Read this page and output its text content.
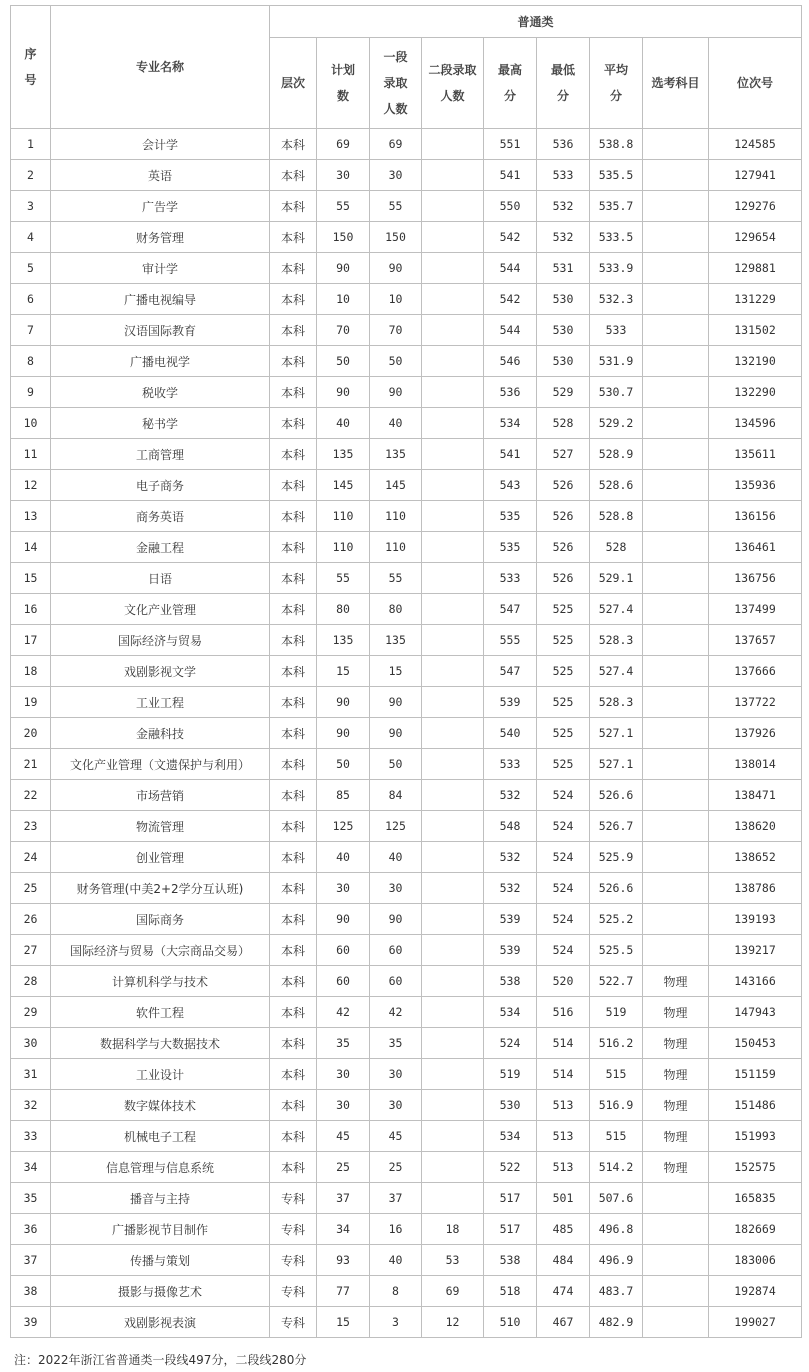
序号	专业名称	普通类								
		层次	计划数	一段录取人数	二段录取人数	最高分	最低分	平均分	选考科目	位次号
1	会计学	本科	69	69		551	536	538.8		124585
2	英语	本科	30	30		541	533	535.5		127941
3	广告学	本科	55	55		550	532	535.7		129276
4	财务管理	本科	150	150		542	532	533.5		129654
5	审计学	本科	90	90		544	531	533.9		129881
6	广播电视编导	本科	10	10		542	530	532.3		131229
7	汉语国际教育	本科	70	70		544	530	533		131502
8	广播电视学	本科	50	50		546	530	531.9		132190
9	税收学	本科	90	90		536	529	530.7		132290
10	秘书学	本科	40	40		534	528	529.2		134596
11	工商管理	本科	135	135		541	527	528.9		135611
12	电子商务	本科	145	145		543	526	528.6		135936
13	商务英语	本科	110	110		535	526	528.8		136156
14	金融工程	本科	110	110		535	526	528		136461
15	日语	本科	55	55		533	526	529.1		136756
16	文化产业管理	本科	80	80		547	525	527.4		137499
17	国际经济与贸易	本科	135	135		555	525	528.3		137657
18	戏剧影视文学	本科	15	15		547	525	527.4		137666
19	工业工程	本科	90	90		539	525	528.3		137722
20	金融科技	本科	90	90		540	525	527.1		137926
21	文化产业管理（文遗保护与利用）	本科	50	50		533	525	527.1		138014
22	市场营销	本科	85	84		532	524	526.6		138471
23	物流管理	本科	125	125		548	524	526.7		138620
24	创业管理	本科	40	40		532	524	525.9		138652
25	财务管理(中美2+2学分互认班)	本科	30	30		532	524	526.6		138786
26	国际商务	本科	90	90		539	524	525.2		139193
27	国际经济与贸易（大宗商品交易）	本科	60	60		539	524	525.5		139217
28	计算机科学与技术	本科	60	60		538	520	522.7	物理	143166
29	软件工程	本科	42	42		534	516	519	物理	147943
30	数据科学与大数据技术	本科	35	35		524	514	516.2	物理	150453
31	工业设计	本科	30	30		519	514	515	物理	151159
32	数字媒体技术	本科	30	30		530	513	516.9	物理	151486
33	机械电子工程	本科	45	45		534	513	515	物理	151993
34	信息管理与信息系统	本科	25	25		522	513	514.2	物理	152575
35	播音与主持	专科	37	37		517	501	507.6		165835
36	广播影视节目制作	专科	34	16	18	517	485	496.8		182669
37	传播与策划	专科	93	40	53	538	484	496.9		183006
38	摄影与摄像艺术	专科	77	8	69	518	474	483.7		192874
39	戏剧影视表演	专科	15	3	12	510	467	482.9		199027
注：2022年浙江省普通类一段线497分，二段线280分
